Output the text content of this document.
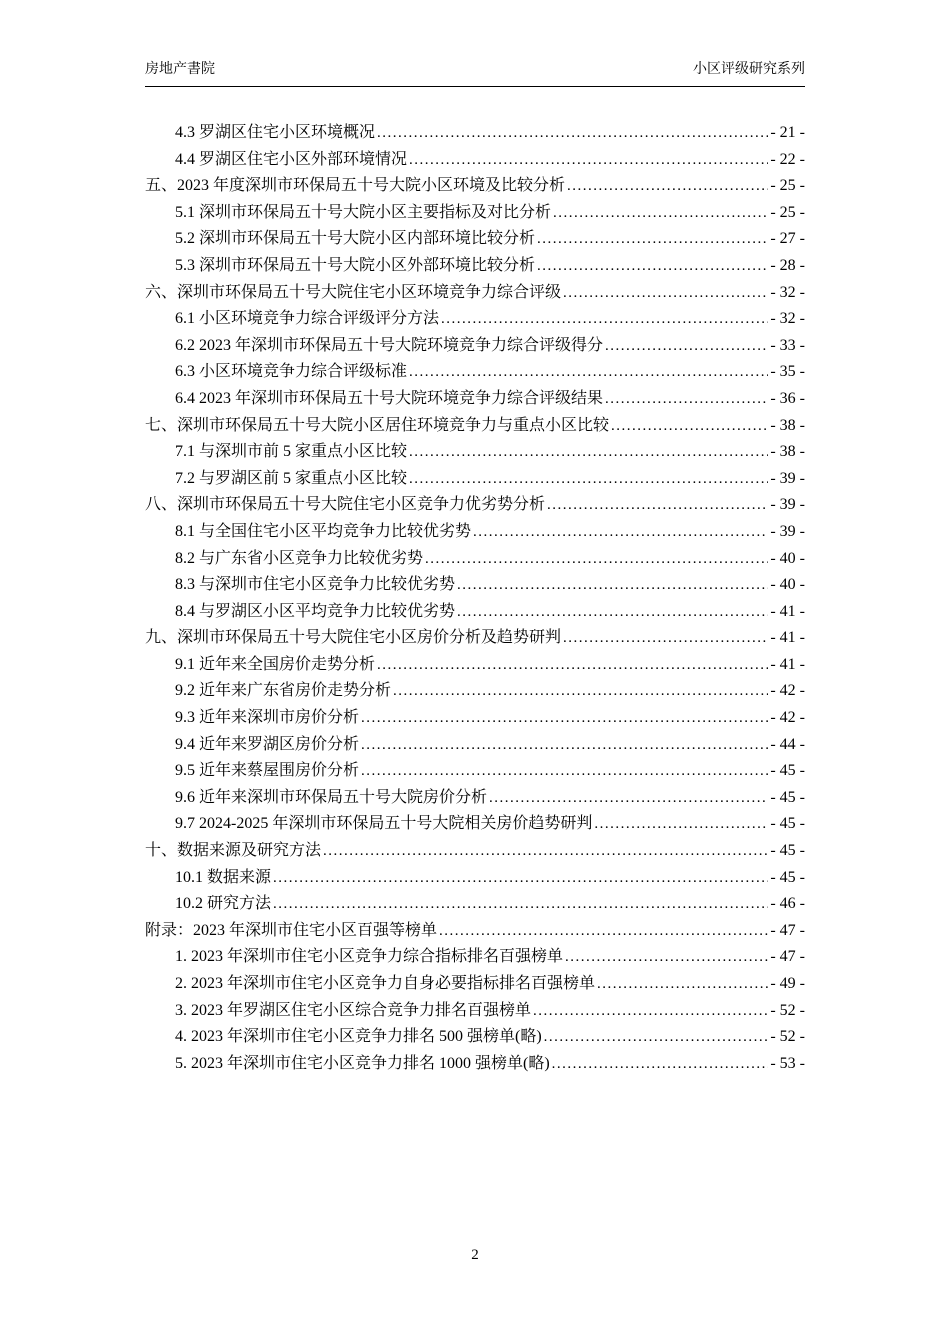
房地产書院	小区评级研究系列
4.3 罗湖区住宅小区环境概况 .....	- 21 -
4.4 罗湖区住宅小区外部环境情况 .....	- 22 -
五、2023 年度深圳市环保局五十号大院小区环境及比较分析 .....	- 25 -
5.1 深圳市环保局五十号大院小区主要指标及对比分析 .....	- 25 -
5.2 深圳市环保局五十号大院小区内部环境比较分析 .....	- 27 -
5.3 深圳市环保局五十号大院小区外部环境比较分析 .....	- 28 -
六、深圳市环保局五十号大院住宅小区环境竞争力综合评级 .....	- 32 -
6.1 小区环境竞争力综合评级评分方法 .....	- 32 -
6.2 2023 年深圳市环保局五十号大院环境竞争力综合评级得分 .....	- 33 -
6.3 小区环境竞争力综合评级标准 .....	- 35 -
6.4 2023 年深圳市环保局五十号大院环境竞争力综合评级结果 .....	- 36 -
七、深圳市环保局五十号大院小区居住环境竞争力与重点小区比较 .....	- 38 -
7.1 与深圳市前 5 家重点小区比较 .....	- 38 -
7.2 与罗湖区前 5 家重点小区比较 .....	- 39 -
八、深圳市环保局五十号大院住宅小区竞争力优劣势分析 .....	- 39 -
8.1 与全国住宅小区平均竞争力比较优劣势 .....	- 39 -
8.2 与广东省小区竞争力比较优劣势 .....	- 40 -
8.3 与深圳市住宅小区竞争力比较优劣势 .....	- 40 -
8.4 与罗湖区小区平均竞争力比较优劣势 .....	- 41 -
九、深圳市环保局五十号大院住宅小区房价分析及趋势研判 .....	- 41 -
9.1 近年来全国房价走势分析 .....	- 41 -
9.2 近年来广东省房价走势分析 .....	- 42 -
9.3 近年来深圳市房价分析 .....	- 42 -
9.4 近年来罗湖区房价分析 .....	- 44 -
9.5 近年来蔡屋围房价分析 .....	- 45 -
9.6 近年来深圳市环保局五十号大院房价分析 .....	- 45 -
9.7 2024-2025 年深圳市环保局五十号大院相关房价趋势研判 .....	- 45 -
十、数据来源及研究方法 .....	- 45 -
10.1 数据来源 .....	- 45 -
10.2 研究方法 .....	- 46 -
附录：2023 年深圳市住宅小区百强等榜单 .....	- 47 -
1. 2023 年深圳市住宅小区竞争力综合指标排名百强榜单 .....	- 47 -
2. 2023 年深圳市住宅小区竞争力自身必要指标排名百强榜单 .....	- 49 -
3. 2023 年罗湖区住宅小区综合竞争力排名百强榜单 .....	- 52 -
4. 2023 年深圳市住宅小区竞争力排名 500 强榜单(略) .....	- 52 -
5. 2023 年深圳市住宅小区竞争力排名 1000 强榜单(略) .....	- 53 -
2
